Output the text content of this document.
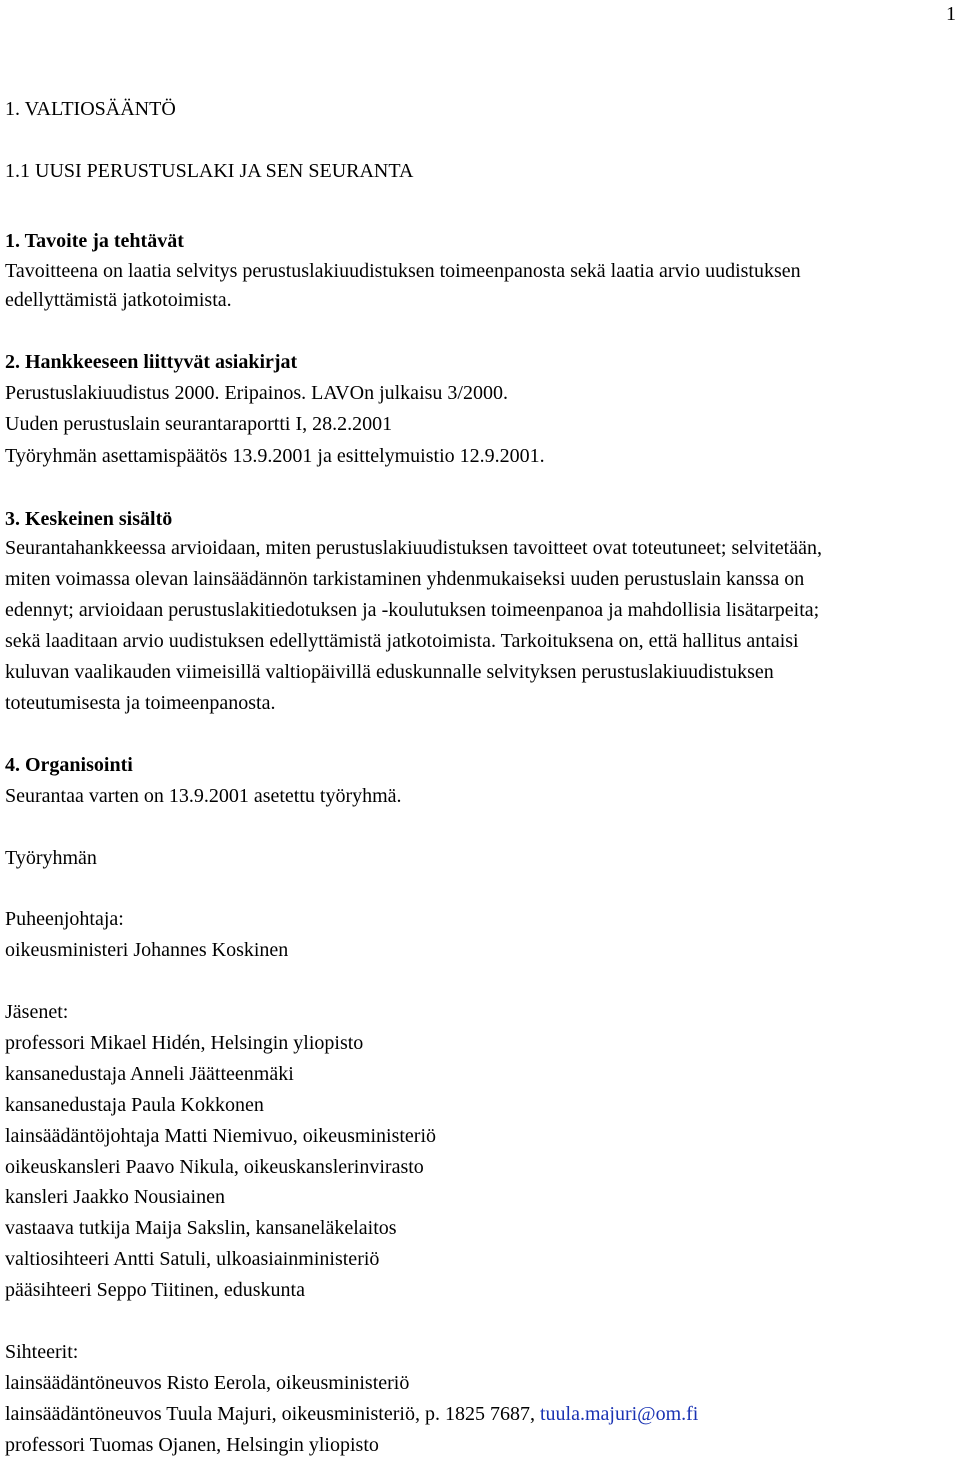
1
1. VALTIOSÄÄNTÖ
1.1 UUSI PERUSTUSLAKI JA SEN SEURANTA
1. Tavoite ja tehtävät
Tavoitteena on laatia selvitys perustuslakiuudistuksen toimeenpanosta sekä laatia arvio uudistuksen
edellyttämistä jatkotoimista.
2. Hankkeeseen liittyvät asiakirjat
Perustuslakiuudistus 2000. Eripainos. LAVOn julkaisu 3/2000.
Uuden perustuslain seurantaraportti I, 28.2.2001
Työryhmän asettamispäätös 13.9.2001 ja esittelymuistio 12.9.2001.
3. Keskeinen sisältö
Seurantahankkeessa arvioidaan, miten perustuslakiuudistuksen tavoitteet ovat toteutuneet; selvitetään,
miten voimassa olevan lainsäädännön tarkistaminen yhdenmukaiseksi uuden perustuslain kanssa on
edennyt; arvioidaan perustuslakitiedotuksen ja -koulutuksen toimeenpanoa ja mahdollisia lisätarpeita;
sekä laaditaan arvio uudistuksen edellyttämistä jatkotoimista. Tarkoituksena on, että hallitus antaisi
kuluvan vaalikauden viimeisillä valtiopäivillä eduskunnalle selvityksen perustuslakiuudistuksen
toteutumisesta ja toimeenpanosta.
4. Organisointi
Seurantaa varten on 13.9.2001 asetettu työryhmä.
Työryhmän
Puheenjohtaja:
oikeusministeri Johannes Koskinen
Jäsenet:
professori Mikael Hidén, Helsingin yliopisto
kansanedustaja Anneli Jäätteenmäki
kansanedustaja Paula Kokkonen
lainsäädäntöjohtaja Matti Niemivuo, oikeusministeriö
oikeuskansleri Paavo Nikula, oikeuskanslerinvirasto
kansleri Jaakko Nousiainen
vastaava tutkija Maija Sakslin, kansaneläkelaitos
valtiosihteeri Antti Satuli, ulkoasiainministeriö
pääsihteeri Seppo Tiitinen, eduskunta
Sihteerit:
lainsäädäntöneuvos Risto Eerola, oikeusministeriö
lainsäädäntöneuvos Tuula Majuri, oikeusministeriö, p. 1825 7687, tuula.majuri@om.fi
professori Tuomas Ojanen, Helsingin yliopisto
